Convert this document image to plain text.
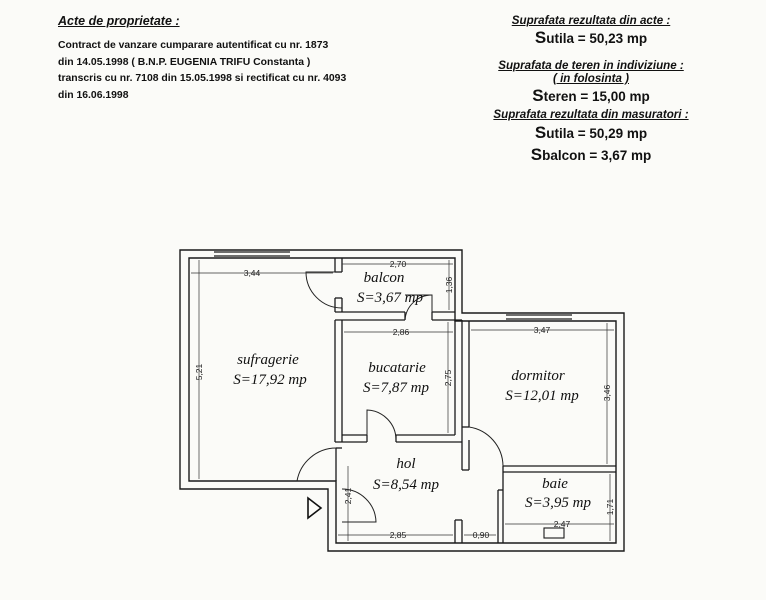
Acte de proprietate :
Contract de vanzare cumparare autentificat cu nr. 1873
din 14.05.1998 ( B.N.P. EUGENIA TRIFU Constanta )
transcris cu nr. 7108 din 15.05.1998 si rectificat cu nr. 4093
din 16.06.1998
Suprafata rezultata din acte :
Sutila = 50,23 mp
Suprafata de teren in indiviziune :
( in folosinta )
Steren = 15,00 mp
Suprafata rezultata din masuratori :
Sutila = 50,29 mp
Sbalcon = 3,67 mp
3,44
2,70
1,36
5,21
2,86
2,75
3,47
3,46
2,41
2,85	0,90
2,47
1,71
balcon
S=3,67 mp
sufragerie
S=17,92 mp
bucatarie
S=7,87 mp
dormitor
S=12,01 mp
hol
S=8,54 mp	baie
S=3,95 mp
